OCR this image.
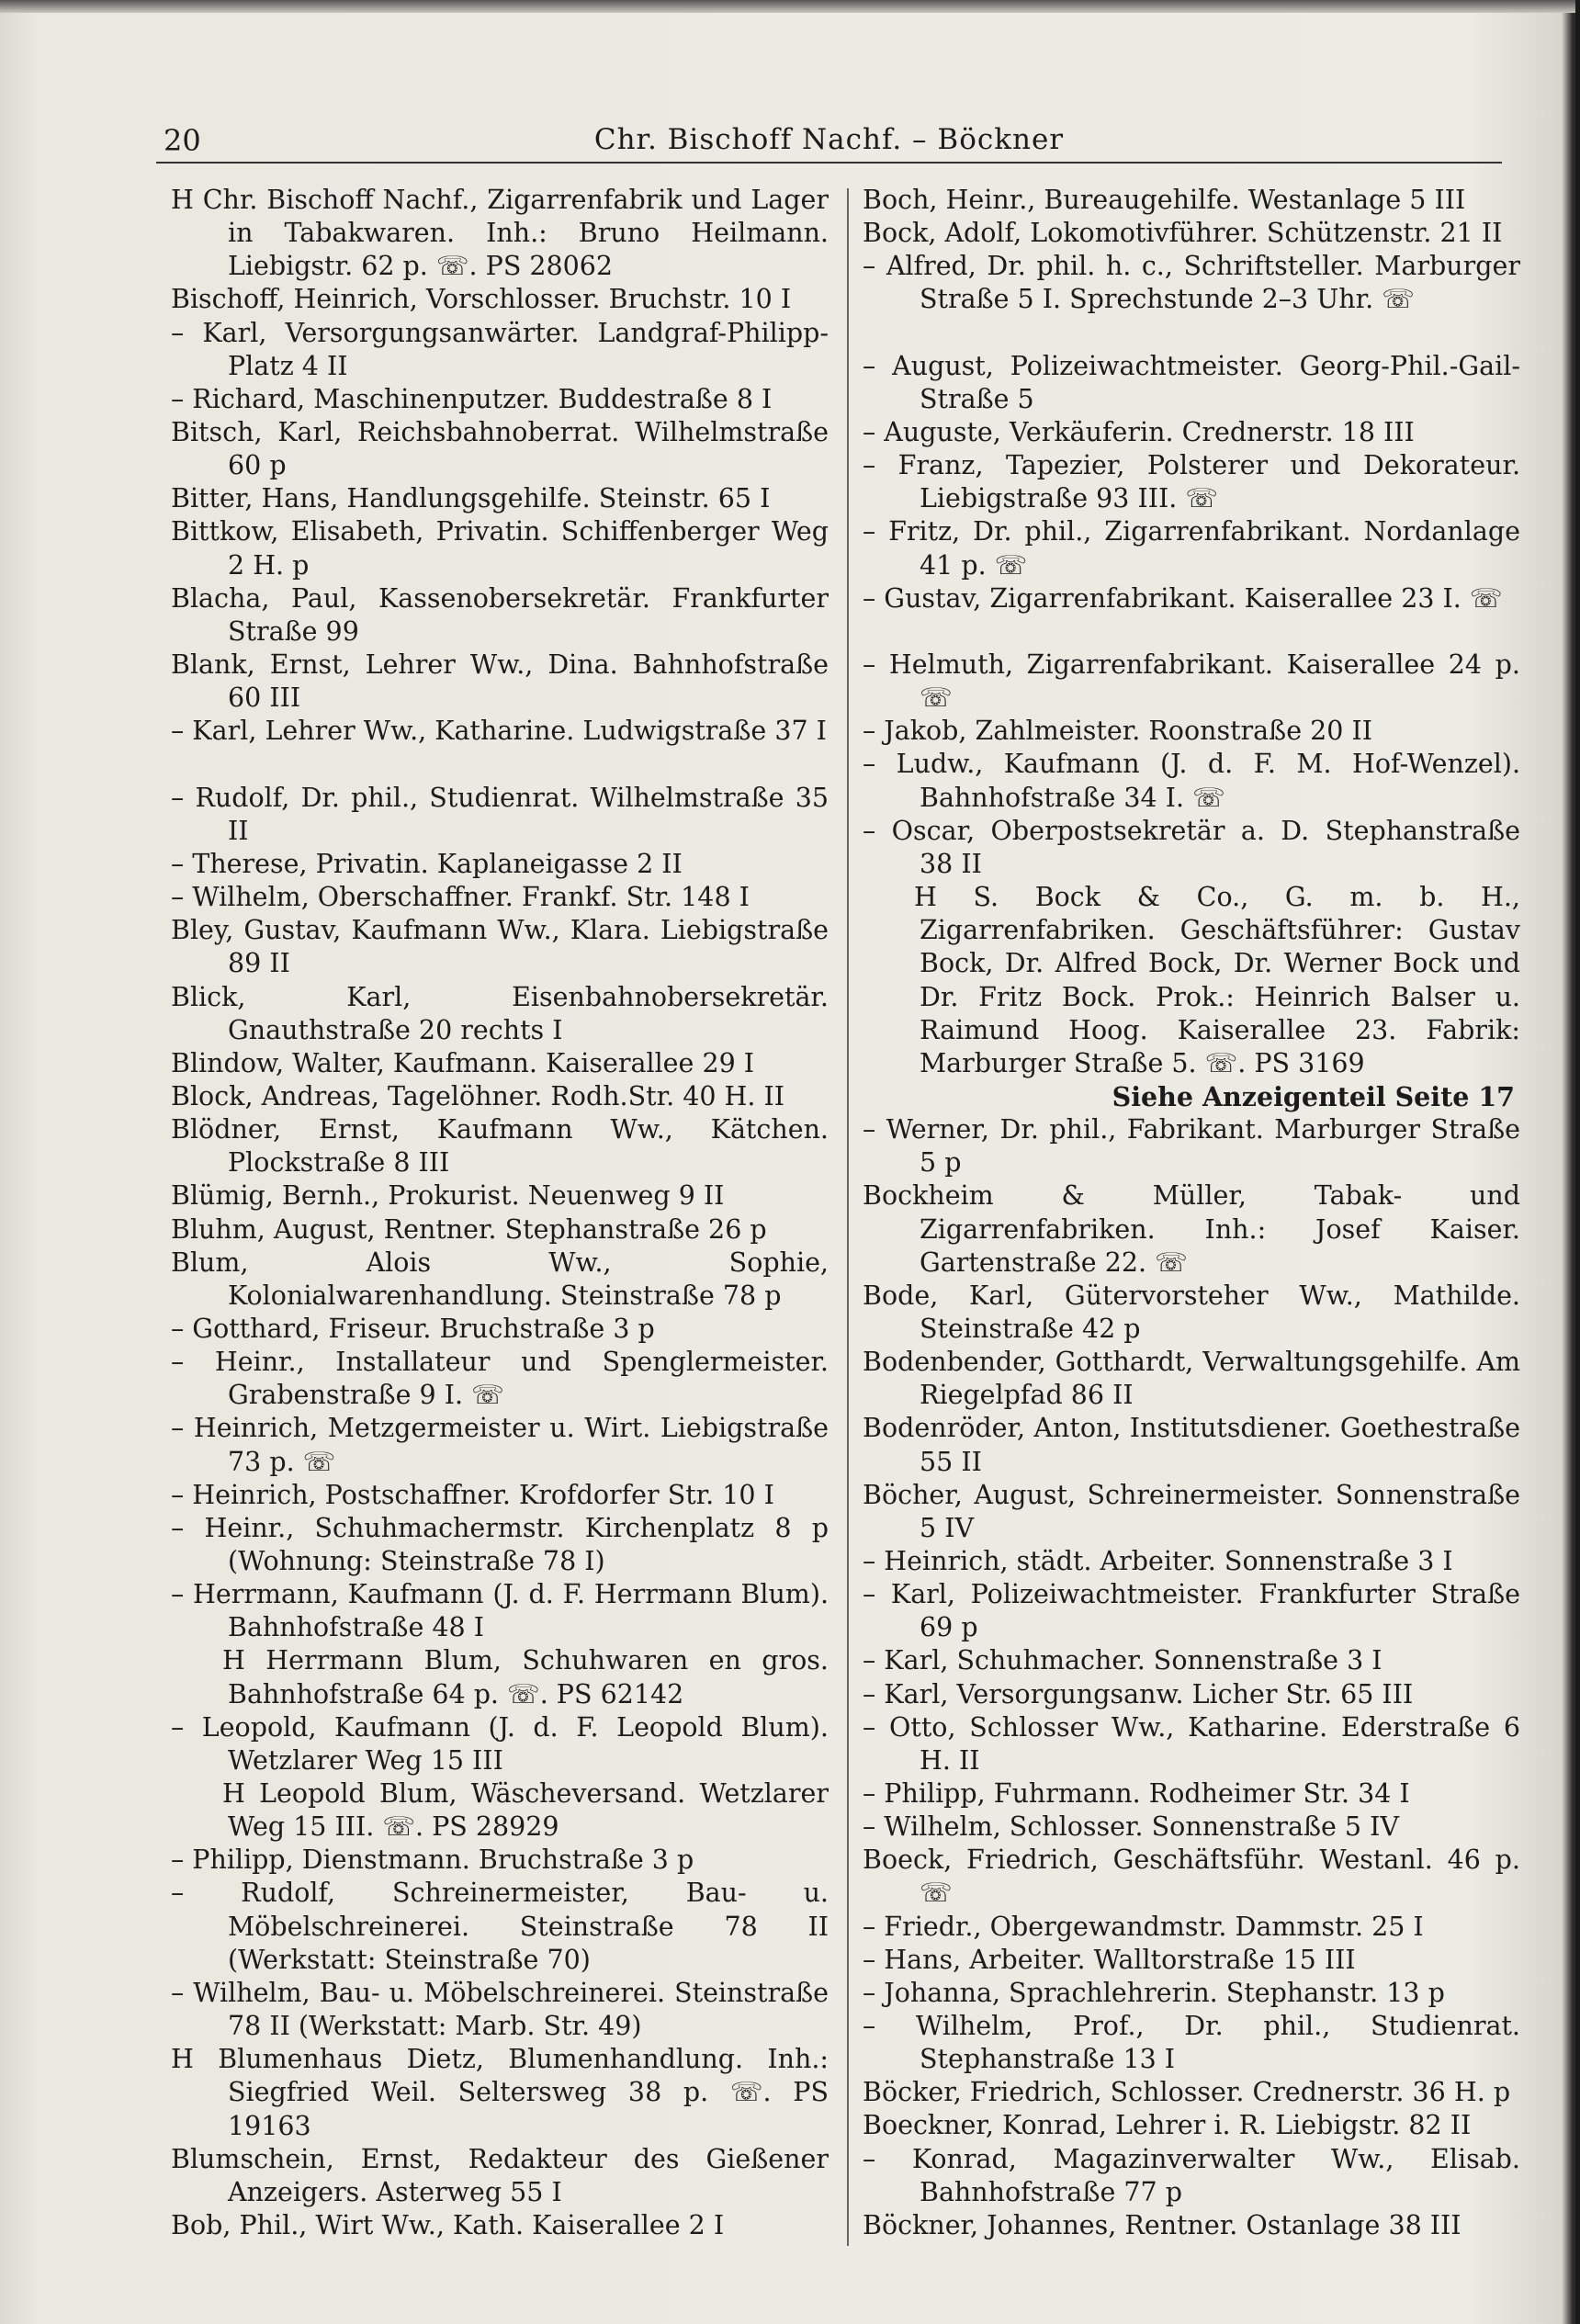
20	Chr. Bischoff Nachf. – Böckner
H Chr. Bischoff Nachf., Zigarrenfabrik und Lager in Tabakwaren. Inh.: Bruno Heilmann. Liebigstr. 62 p. ☏. PS 28062
Bischoff, Heinrich, Vorschlosser. Bruchstr. 10 I
– Karl, Versorgungsanwärter. Landgraf-Philipp-Platz 4 II
– Richard, Maschinenputzer. Buddestraße 8 I
Bitsch, Karl, Reichsbahnoberrat. Wilhelmstraße 60 p
Bitter, Hans, Handlungsgehilfe. Steinstr. 65 I
Bittkow, Elisabeth, Privatin. Schiffenberger Weg 2 H. p
Blacha, Paul, Kassenobersekretär. Frankfurter Straße 99
Blank, Ernst, Lehrer Ww., Dina. Bahnhofstraße 60 III
– Karl, Lehrer Ww., Katharine. Ludwigstraße 37 I
– Rudolf, Dr. phil., Studienrat. Wilhelmstraße 35 II
– Therese, Privatin. Kaplaneigasse 2 II
– Wilhelm, Oberschaffner. Frankf. Str. 148 I
Bley, Gustav, Kaufmann Ww., Klara. Liebigstraße 89 II
Blick, Karl, Eisenbahnobersekretär. Gnauthstraße 20 rechts I
Blindow, Walter, Kaufmann. Kaiserallee 29 I
Block, Andreas, Tagelöhner. Rodh.Str. 40 H. II
Blödner, Ernst, Kaufmann Ww., Kätchen. Plockstraße 8 III
Blümig, Bernh., Prokurist. Neuenweg 9 II
Bluhm, August, Rentner. Stephanstraße 26 p
Blum, Alois Ww., Sophie, Kolonialwarenhandlung. Steinstraße 78 p
– Gotthard, Friseur. Bruchstraße 3 p
– Heinr., Installateur und Spenglermeister. Grabenstraße 9 I. ☏
– Heinrich, Metzgermeister u. Wirt. Liebigstraße 73 p. ☏
– Heinrich, Postschaffner. Krofdorfer Str. 10 I
– Heinr., Schuhmachermstr. Kirchenplatz 8 p (Wohnung: Steinstraße 78 I)
– Herrmann, Kaufmann (J. d. F. Herrmann Blum). Bahnhofstraße 48 I
H Herrmann Blum, Schuhwaren en gros. Bahnhofstraße 64 p. ☏. PS 62142
– Leopold, Kaufmann (J. d. F. Leopold Blum). Wetzlarer Weg 15 III
H Leopold Blum, Wäscheversand. Wetzlarer Weg 15 III. ☏. PS 28929
– Philipp, Dienstmann. Bruchstraße 3 p
– Rudolf, Schreinermeister, Bau- u. Möbelschreinerei. Steinstraße 78 II (Werkstatt: Steinstraße 70)
– Wilhelm, Bau- u. Möbelschreinerei. Steinstraße 78 II (Werkstatt: Marb. Str. 49)
H Blumenhaus Dietz, Blumenhandlung. Inh.: Siegfried Weil. Seltersweg 38 p. ☏. PS 19163
Blumschein, Ernst, Redakteur des Gießener Anzeigers. Asterweg 55 I
Bob, Phil., Wirt Ww., Kath. Kaiserallee 2 I
Boch, Heinr., Bureaugehilfe. Westanlage 5 III
Bock, Adolf, Lokomotivführer. Schützenstr. 21 II
– Alfred, Dr. phil. h. c., Schriftsteller. Marburger Straße 5 I. Sprechstunde 2–3 Uhr. ☏
– August, Polizeiwachtmeister. Georg-Phil.-Gail-Straße 5
– Auguste, Verkäuferin. Crednerstr. 18 III
– Franz, Tapezier, Polsterer und Dekorateur. Liebigstraße 93 III. ☏
– Fritz, Dr. phil., Zigarrenfabrikant. Nordanlage 41 p. ☏
– Gustav, Zigarrenfabrikant. Kaiserallee 23 I. ☏
– Helmuth, Zigarrenfabrikant. Kaiserallee 24 p. ☏
– Jakob, Zahlmeister. Roonstraße 20 II
– Ludw., Kaufmann (J. d. F. M. Hof-Wenzel). Bahnhofstraße 34 I. ☏
– Oscar, Oberpostsekretär a. D. Stephanstraße 38 II
H S. Bock & Co., G. m. b. H., Zigarrenfabriken. Geschäftsführer: Gustav Bock, Dr. Alfred Bock, Dr. Werner Bock und Dr. Fritz Bock. Prok.: Heinrich Balser u. Raimund Hoog. Kaiserallee 23. Fabrik: Marburger Straße 5. ☏. PS 3169
Siehe Anzeigenteil Seite 17
– Werner, Dr. phil., Fabrikant. Marburger Straße 5 p
Bockheim & Müller, Tabak- und Zigarrenfabriken. Inh.: Josef Kaiser. Gartenstraße 22. ☏
Bode, Karl, Gütervorsteher Ww., Mathilde. Steinstraße 42 p
Bodenbender, Gotthardt, Verwaltungsgehilfe. Am Riegelpfad 86 II
Bodenröder, Anton, Institutsdiener. Goethestraße 55 II
Böcher, August, Schreinermeister. Sonnenstraße 5 IV
– Heinrich, städt. Arbeiter. Sonnenstraße 3 I
– Karl, Polizeiwachtmeister. Frankfurter Straße 69 p
– Karl, Schuhmacher. Sonnenstraße 3 I
– Karl, Versorgungsanw. Licher Str. 65 III
– Otto, Schlosser Ww., Katharine. Ederstraße 6 H. II
– Philipp, Fuhrmann. Rodheimer Str. 34 I
– Wilhelm, Schlosser. Sonnenstraße 5 IV
Boeck, Friedrich, Geschäftsführ. Westanl. 46 p. ☏
– Friedr., Obergewandmstr. Dammstr. 25 I
– Hans, Arbeiter. Walltorstraße 15 III
– Johanna, Sprachlehrerin. Stephanstr. 13 p
– Wilhelm, Prof., Dr. phil., Studienrat. Stephanstraße 13 I
Böcker, Friedrich, Schlosser. Crednerstr. 36 H. p
Boeckner, Konrad, Lehrer i. R. Liebigstr. 82 II
– Konrad, Magazinverwalter Ww., Elisab. Bahnhofstraße 77 p
Böckner, Johannes, Rentner. Ostanlage 38 III
